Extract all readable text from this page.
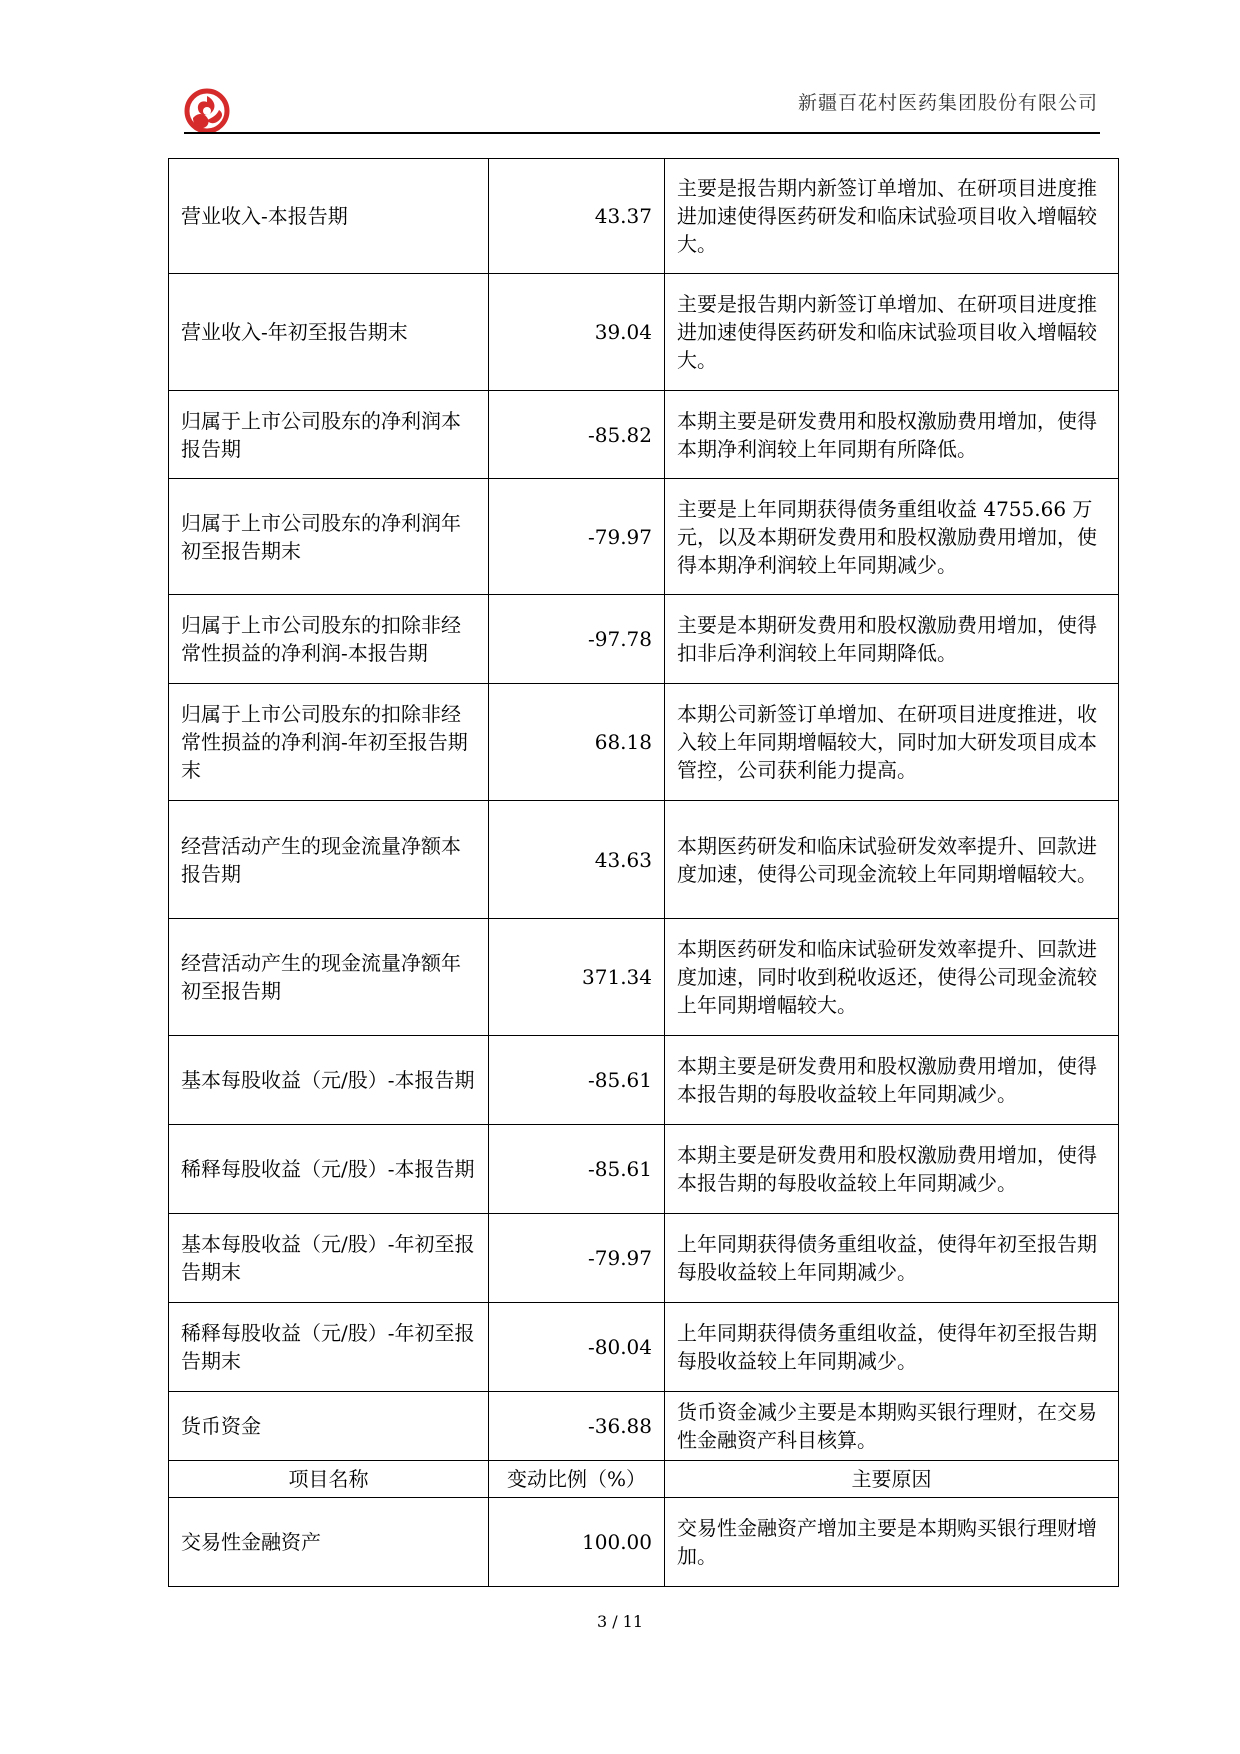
新疆百花村医药集团股份有限公司
营业收入-本报告期	43.37	主要是报告期内新签订单增加、在研项目进度推进加速使得医药研发和临床试验项目收入增幅较大。
营业收入-年初至报告期末	39.04	主要是报告期内新签订单增加、在研项目进度推进加速使得医药研发和临床试验项目收入增幅较大。
归属于上市公司股东的净利润本报告期	-85.82	本期主要是研发费用和股权激励费用增加，使得本期净利润较上年同期有所降低。
归属于上市公司股东的净利润年初至报告期末	-79.97	主要是上年同期获得债务重组收益 4755.66 万元，以及本期研发费用和股权激励费用增加，使得本期净利润较上年同期减少。
归属于上市公司股东的扣除非经常性损益的净利润-本报告期	-97.78	主要是本期研发费用和股权激励费用增加，使得扣非后净利润较上年同期降低。
归属于上市公司股东的扣除非经常性损益的净利润-年初至报告期末	68.18	本期公司新签订单增加、在研项目进度推进，收入较上年同期增幅较大，同时加大研发项目成本管控，公司获利能力提高。
经营活动产生的现金流量净额本报告期	43.63	本期医药研发和临床试验研发效率提升、回款进度加速，使得公司现金流较上年同期增幅较大。
经营活动产生的现金流量净额年初至报告期	371.34	本期医药研发和临床试验研发效率提升、回款进度加速，同时收到税收返还，使得公司现金流较上年同期增幅较大。
基本每股收益（元/股）-本报告期	-85.61	本期主要是研发费用和股权激励费用增加，使得本报告期的每股收益较上年同期减少。
稀释每股收益（元/股）-本报告期	-85.61	本期主要是研发费用和股权激励费用增加，使得本报告期的每股收益较上年同期减少。
基本每股收益（元/股）-年初至报告期末	-79.97	上年同期获得债务重组收益，使得年初至报告期每股收益较上年同期减少。
稀释每股收益（元/股）-年初至报告期末	-80.04	上年同期获得债务重组收益，使得年初至报告期每股收益较上年同期减少。
货币资金	-36.88	货币资金减少主要是本期购买银行理财，在交易性金融资产科目核算。
项目名称	变动比例（%）	主要原因
交易性金融资产	100.00	交易性金融资产增加主要是本期购买银行理财增加。
3 / 11
